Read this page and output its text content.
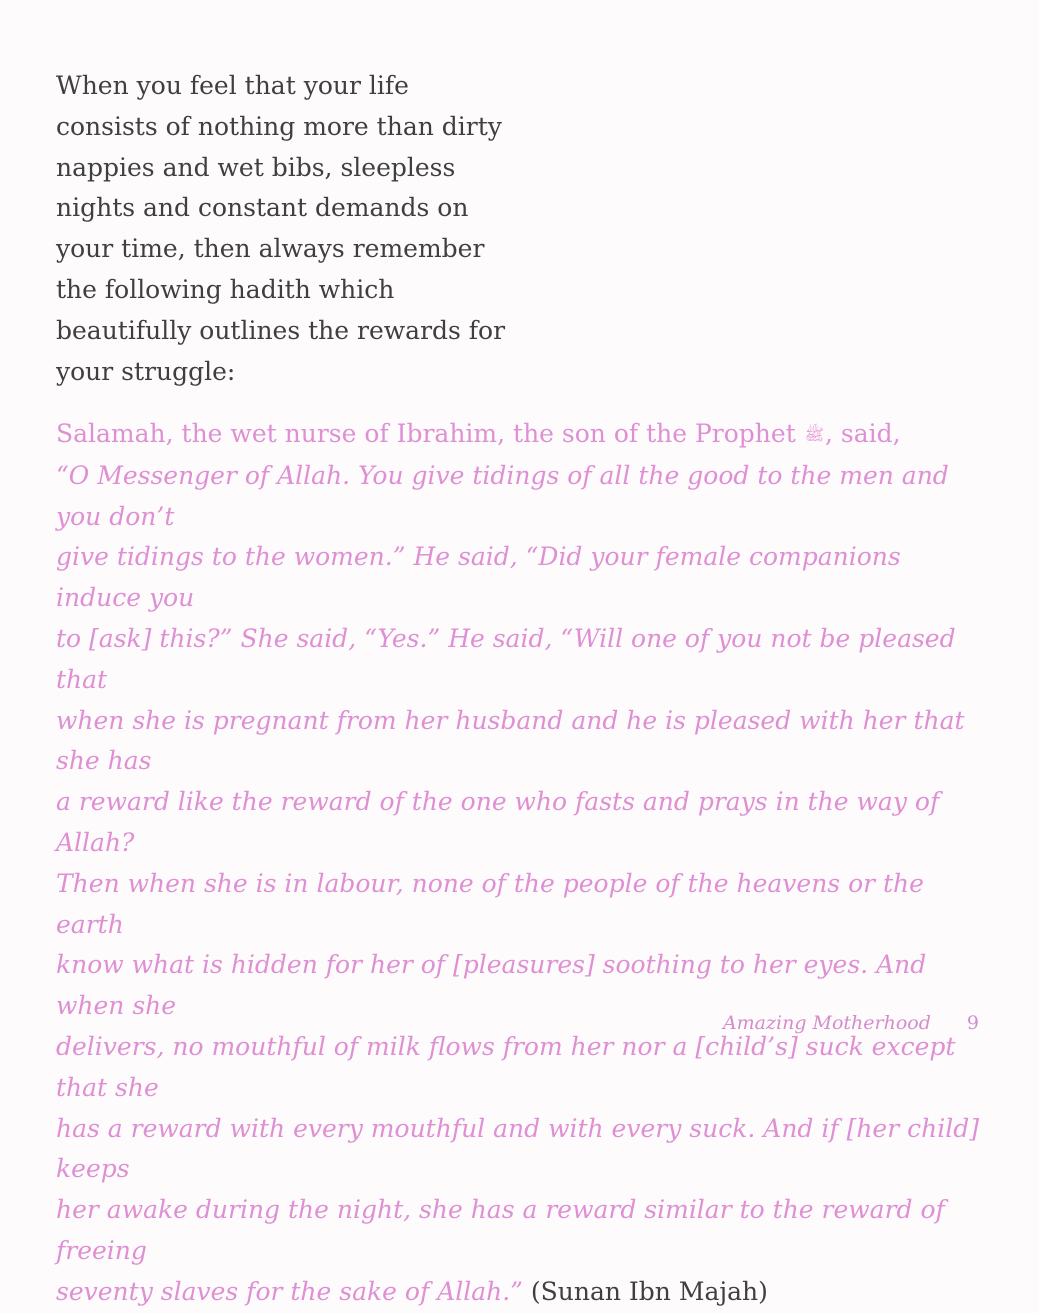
When you feel that your life
consists of nothing more than dirty
nappies and wet bibs, sleepless
nights and constant demands on
your time, then always remember
the following hadith which
beautifully outlines the rewards for
your struggle:

Salamah, the wet nurse of Ibrahim, the son of the Prophet ﷺ, said,
“O Messenger of Allah. You give tidings of all the good to the men and you don’t
give tidings to the women.” He said, “Did your female companions induce you
to [ask] this?” She said, “Yes.” He said, “Will one of you not be pleased that
when she is pregnant from her husband and he is pleased with her that she has
a reward like the reward of the one who fasts and prays in the way of Allah?
Then when she is in labour, none of the people of the heavens or the earth
know what is hidden for her of [pleasures] soothing to her eyes. And when she
delivers, no mouthful of milk flows from her nor a [child’s] suck except that she
has a reward with every mouthful and with every suck. And if [her child] keeps
her awake during the night, she has a reward similar to the reward of freeing
seventy slaves for the sake of Allah.” (Sunan Ibn Majah)

Amazing Motherhood 9
